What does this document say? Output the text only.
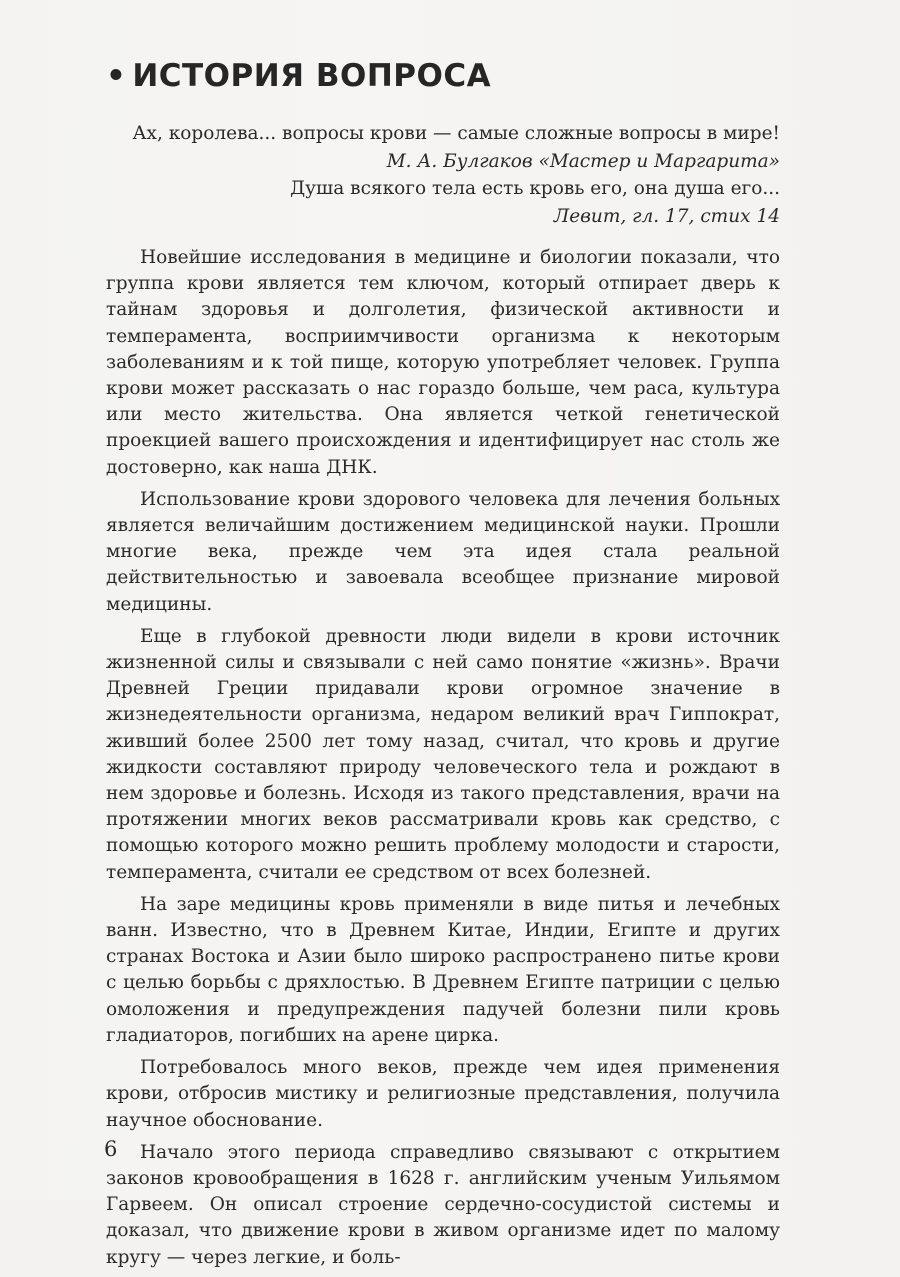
• ИСТОРИЯ ВОПРОСА
Ах, королева... вопросы крови — самые сложные вопросы в мире!
М. А. Булгаков «Мастер и Маргарита»
Душа всякого тела есть кровь его, она душа его...
Левит, гл. 17, стих 14

Новейшие исследования в медицине и биологии показали, что группа крови является тем ключом, который отпирает дверь к тайнам здоровья и долголетия, физической активности и темперамента, восприимчивости организма к некоторым заболеваниям и к той пище, которую употребляет человек. Группа крови может рассказать о нас гораздо больше, чем раса, культура или место жительства. Она является четкой генетической проекцией вашего происхождения и идентифицирует нас столь же достоверно, как наша ДНК.

Использование крови здорового человека для лечения больных является величайшим достижением медицинской науки. Прошли многие века, прежде чем эта идея стала реальной действительностью и завоевала всеобщее признание мировой медицины.

Еще в глубокой древности люди видели в крови источник жизненной силы и связывали с ней само понятие «жизнь». Врачи Древней Греции придавали крови огромное значение в жизнедеятельности организма, недаром великий врач Гиппократ, живший более 2500 лет тому назад, считал, что кровь и другие жидкости составляют природу человеческого тела и рождают в нем здоровье и болезнь. Исходя из такого представления, врачи на протяжении многих веков рассматривали кровь как средство, с помощью которого можно решить проблему молодости и старости, темперамента, считали ее средством от всех болезней.

На заре медицины кровь применяли в виде питья и лечебных ванн. Известно, что в Древнем Китае, Индии, Египте и других странах Востока и Азии было широко распространено питье крови с целью борьбы с дряхлостью. В Древнем Египте патриции с целью омоложения и предупреждения падучей болезни пили кровь гладиаторов, погибших на арене цирка.

Потребовалось много веков, прежде чем идея применения крови, отбросив мистику и религиозные представления, получила научное обоснование.

Начало этого периода справедливо связывают с открытием законов кровообращения в 1628 г. английским ученым Уильямом Гарвеем. Он описал строение сердечно-сосудистой системы и доказал, что движение крови в живом организме идет по малому кругу — через легкие, и боль-

6
